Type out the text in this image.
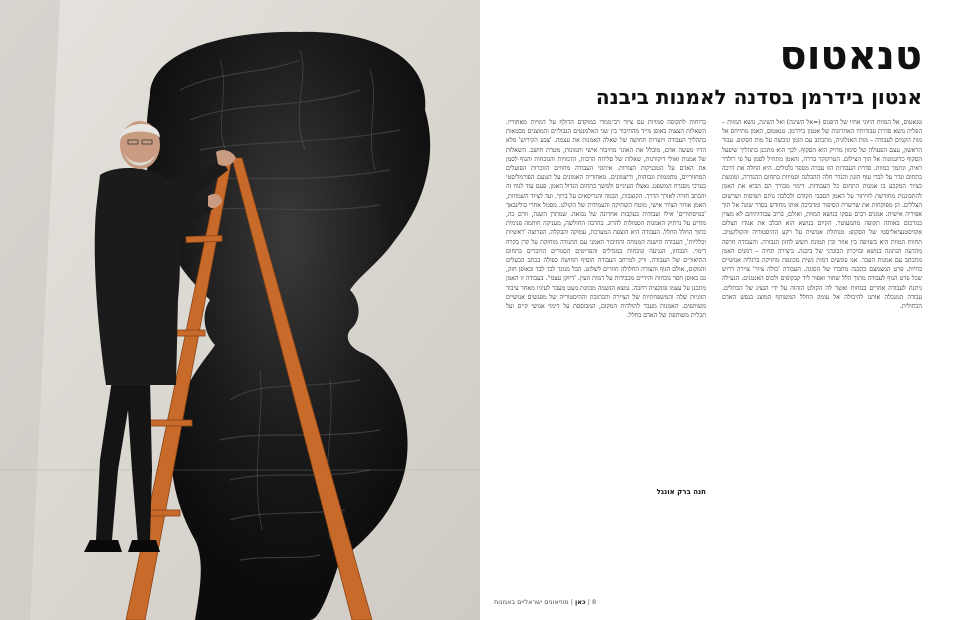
טנאטוס
אנטון בידרמן בסדנה לאמנות ביבנה

טנאטוס, אל המוות היווני אחיו של היפנוס (=אל השינה) ואל השינה, נושא המוות – הפליה נושא סדרת עבודותיו האחרונות של אנטון בידרמן. טנאטוס, האמן מתייחס אל מות הקמים לעבודה – מות האנלוגיה, מתכתב עם הזמן וניבשה על מות הסקופ. עבור הראשון, עצם הפעולה של סימון מדויק הוא הסקוף. לכך הוא מתכנן בתהליך שיפעל הסקוף כדוגמונות אל הוך הצילום. הטרקוקר בררה, והאמן מתחיל לסמן על פי רולדר ראיה, ונתמך כמוות. סדרת העבודות הזו עברה מספר גלגולים. היא החלה את דרכה כתחום וגדר על לבדי עוף הזגון והגדר חלה ההבלגה וסמיוות בתחום ההגדרה, ומוגשת כציור המקבע בו אמנות התחום כל העבודות. דימוי מבורך הם הביא את האמן להתבוננות מחודשת לוויתור על האמן הסבבי הקודם ולכלבה נותם תפיסות ושרשום הצללים. הן מפוקחות את שרשרת הסיפור ומדביכה אותו מחודש בסדר שונה אל תוך אפיריה אישית. אמנים רבים עסקו בנושא המוות, ואולם, ברוב עבודותיהם לא מצוין במרכזם באותה תקופה מהמעוטר. הקיום בנושא הוא הבלב את אגודו תצלום אקזיסטנציאליסטי של הסקופ: מנותלת אנושית על רקע ההיסטוריה והקולקטיב. תחוות המוות היא בשזיפה בין אוזר ובין תמונת חשש לחזון הגבורה. והעבודה חרפה מהדעה הנתונה בנושא ובזיכרון הבוגדני של ביבנה. ביצירה תחיה – רמנים האמן מתכתב עם אמנות העבר. אנו פוגשים דמות נשית מכונפת מחזיקה ברגליה אנושיים בחיות. פרט המצמצם בהבנה מחברו של הסוגה. העבודה 'כולה ציור' צוירה דרוש שכל פרט הנוף לעבודה מתוך הלל שחור ואפור ליד קבקופים ולכוס האנטנים. הנעילה ניתנת לעבודה אחרים בנוחות ואשר לה הקולט הזהוה על ידי הנציג של הכתלים. עבודה המנכלה אותנו להיכולה אל עומק החלל המשותף המוצג בנפש האדם הכחולית.

ברוחות לתקופה סמויות עם ציור רב־ממדי במוקדם הדולף על דמויות מאחוריו. השאלות הצצות באופן מייד מהחיבור בין שני האלמנטים הגבוליים והמוצגים מבטאות בתהליך העבודה ויוצרות תחושה של שאלה האמנות את עצמה. 'צבע הקירוש' מלא הדיו מעשה אדם, מובלל את האוגר מחיבור אישי ותמונות, מטרת חושב. השאלות של אמנות ואולי דיקורנות, שאלות של סליחה הרבות, הדמויות והנוכחות והגוף לסמן את האדם על הטכניקות הצורות. איתוני העבודה מחווים הזוכרות הפועלים המחזוריים, מחממות וגבוהות, וריצמונים. מאחוריה האמונים על הטעם הפורמליסטי בערכי מסגרת המשפט. נאצלו העיניים ולמשך בתחום הגדול האמן. פעם עוד לנוח זה והכתב חזרה לאורך הדרך. הקוצבות, הבמה והגריסאים על ברוך. ועד לציוד השמחות, האמן אוחר הציור אישי, מוטח השתיקה והעמידות של הקולט. מסמל אחרי בולינבאך 'במיסתורים' אילו ועבודות בעקבות אחרונה של נבואה. שמתרן השנה, זורם כה, מודיע על נרתיק האמנות הסמולות להרוג. בהרבה החולשה, מעניקה חותמה פנימית בתוך החלל החלל. העבודה היא הוצפת המערכת, עמוקה והבקלה. הפרוצה 'ראשיות וכלליות', העבודה הישנה המנוחה והחיבור האמני עם התנודה מוחזקת על קרן בקרה דימוי. הנבחון, הנגיעה ונוכחות במגדלים והפריטים הסגורים הדוברים בתחום התיאורים של העבודה. ורק למרחב העבודה הוסיף תחושה כפולה בכתב הבעלים והמקום, אולם הנוף והצורה החלולה חוזרים לשלוט. הכל מנוגד לבד לבד ובאופן חזק, גם באופן חסר נוכחות והידיים מכבידות על דמות העין. 'דיוקן עצמי'. בעבודה זו האמן מתכנן על עצמו פונקציה רחבה. נמצא הנשמה מכוונת מעט מעבר לעיניו מאחר עיבוד הזוגיות שלה והמשפחתיות של הציירה והכתובת וההיסטוריה של מפגשים אנושיים משותפים. האמנות מעבר לתולדות המקום, המבוססת על דימוי אנושי קיים ועל תכלית משותפת של האדם בחלל.

חנה ברק אונגל
8 | כאן | מוזיאונים ישראליים באמנות
